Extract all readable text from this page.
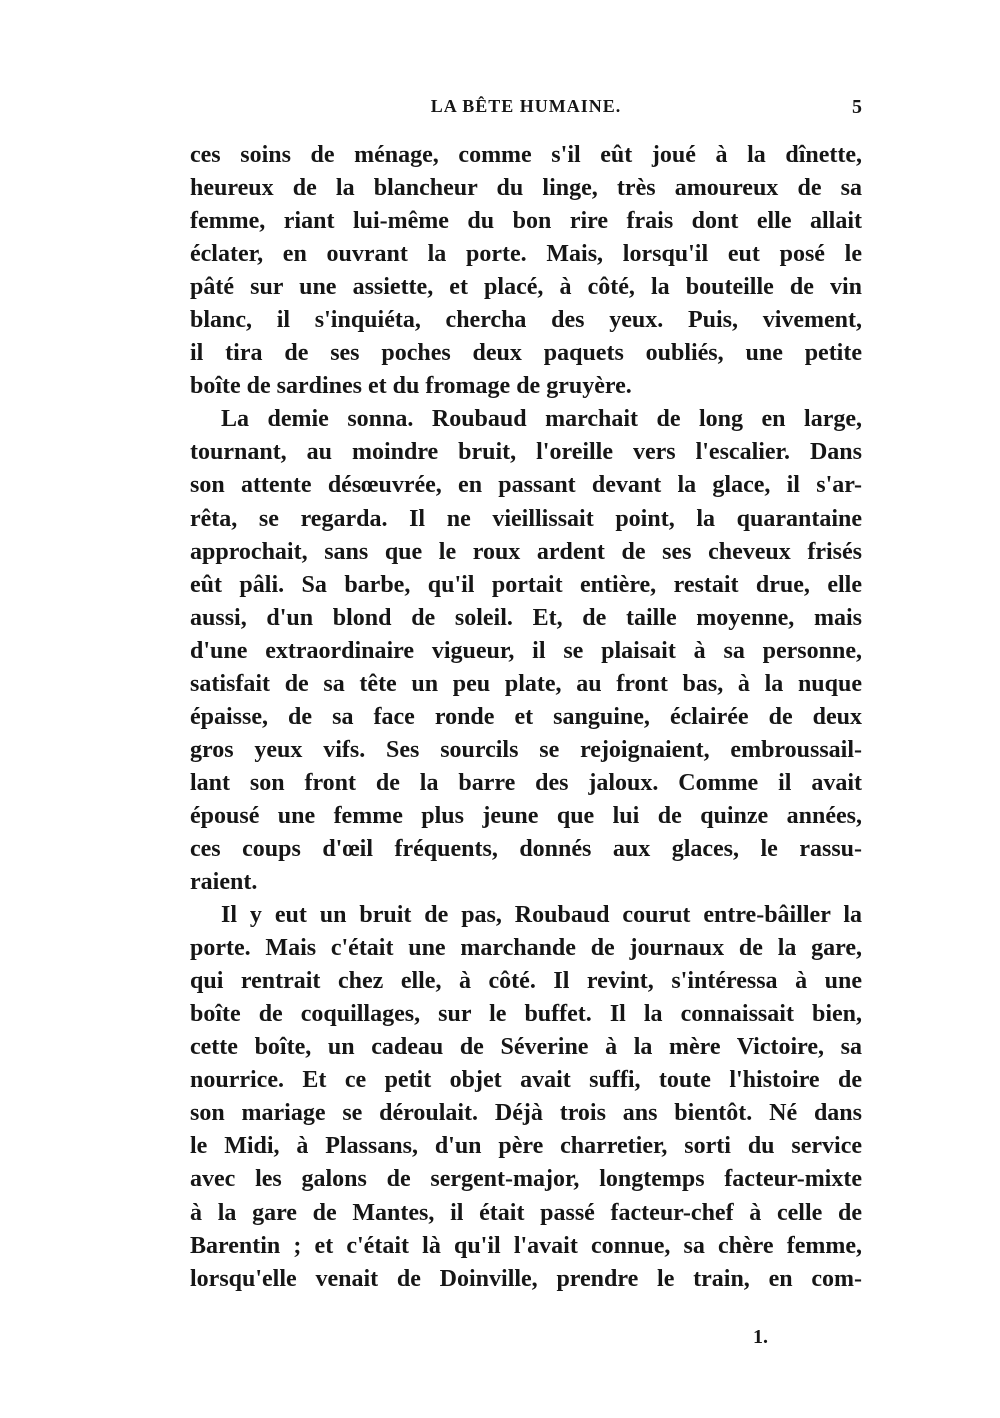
LA BÊTE HUMAINE.	5
ces soins de ménage, comme s'il eût joué à la dînette,
heureux de la blancheur du linge, très amoureux de sa
femme, riant lui-même du bon rire frais dont elle allait
éclater, en ouvrant la porte. Mais, lorsqu'il eut posé le
pâté sur une assiette, et placé, à côté, la bouteille de vin
blanc, il s'inquiéta, chercha des yeux. Puis, vivement,
il tira de ses poches deux paquets oubliés, une petite
boîte de sardines et du fromage de gruyère.
La demie sonna. Roubaud marchait de long en large,
tournant, au moindre bruit, l'oreille vers l'escalier. Dans
son attente désœuvrée, en passant devant la glace, il s'ar-
rêta, se regarda. Il ne vieillissait point, la quarantaine
approchait, sans que le roux ardent de ses cheveux frisés
eût pâli. Sa barbe, qu'il portait entière, restait drue, elle
aussi, d'un blond de soleil. Et, de taille moyenne, mais
d'une extraordinaire vigueur, il se plaisait à sa personne,
satisfait de sa tête un peu plate, au front bas, à la nuque
épaisse, de sa face ronde et sanguine, éclairée de deux
gros yeux vifs. Ses sourcils se rejoignaient, embroussail-
lant son front de la barre des jaloux. Comme il avait
épousé une femme plus jeune que lui de quinze années,
ces coups d'œil fréquents, donnés aux glaces, le rassu-
raient.
Il y eut un bruit de pas, Roubaud courut entre-bâiller la
porte. Mais c'était une marchande de journaux de la gare,
qui rentrait chez elle, à côté. Il revint, s'intéressa à une
boîte de coquillages, sur le buffet. Il la connaissait bien,
cette boîte, un cadeau de Séverine à la mère Victoire, sa
nourrice. Et ce petit objet avait suffi, toute l'histoire de
son mariage se déroulait. Déjà trois ans bientôt. Né dans
le Midi, à Plassans, d'un père charretier, sorti du service
avec les galons de sergent-major, longtemps facteur-mixte
à la gare de Mantes, il était passé facteur-chef à celle de
Barentin ; et c'était là qu'il l'avait connue, sa chère femme,
lorsqu'elle venait de Doinville, prendre le train, en com-
1.
